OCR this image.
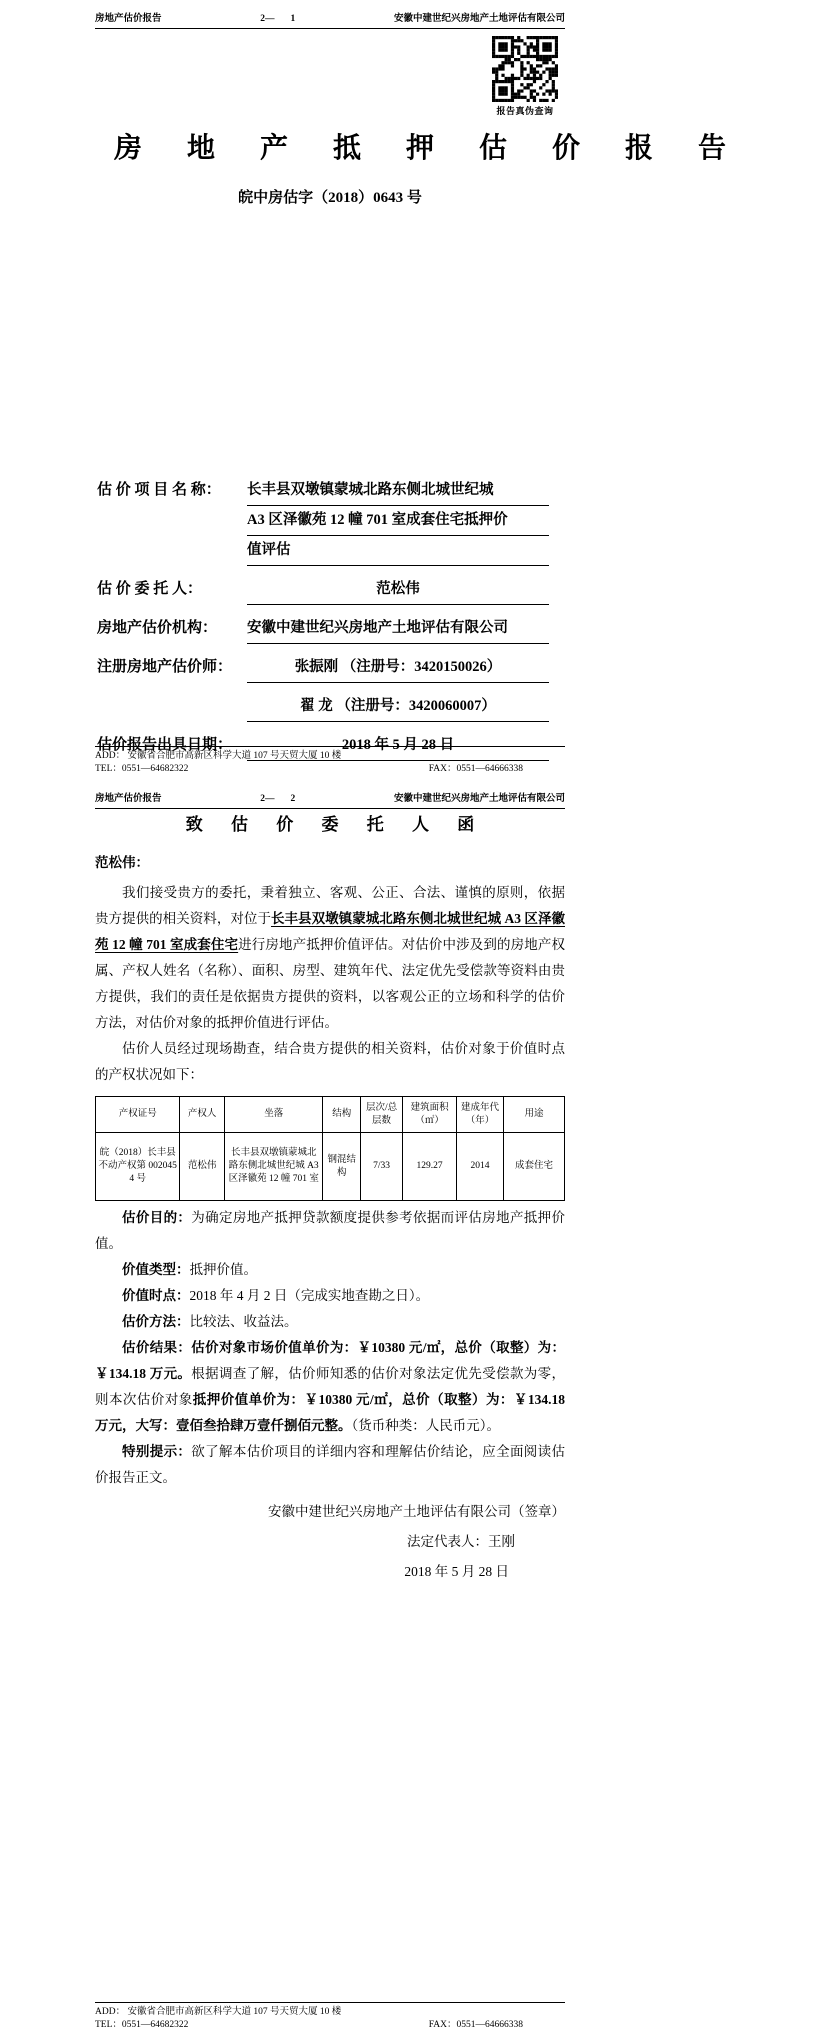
房地产估价报告	2— 1	安徽中建世纪兴房地产土地评估有限公司
报告真伪查询
房 地 产 抵 押 估 价 报 告
皖中房估字（2018）0643 号
估 价 项 目 名 称：	长丰县双墩镇蒙城北路东侧北城世纪城
A3 区泽徽苑 12 幢 701 室成套住宅抵押价
值评估
估 价 委 托 人：	范松伟
房地产估价机构：	安徽中建世纪兴房地产土地评估有限公司
注册房地产估价师：	张振刚 （注册号：3420150026）
翟 龙 （注册号：3420060007）
估价报告出具日期：	2018 年 5 月 28 日
ADD： 安徽省合肥市高新区科学大道 107 号天贸大厦 10 楼
TEL：0551—64682322	FAX：0551—64666338
房地产估价报告	2— 2	安徽中建世纪兴房地产土地评估有限公司
致 估 价 委 托 人 函
范松伟：

我们接受贵方的委托，秉着独立、客观、公正、合法、谨慎的原则，依据贵方提供的相关资料，对位于长丰县双墩镇蒙城北路东侧北城世纪城 A3 区泽徽苑 12 幢 701 室成套住宅进行房地产抵押价值评估。对估价中涉及到的房地产权属、产权人姓名（名称）、面积、房型、建筑年代、法定优先受偿款等资料由贵方提供，我们的责任是依据贵方提供的资料，以客观公正的立场和科学的估价方法，对估价对象的抵押价值进行评估。

估价人员经过现场勘查，结合贵方提供的相关资料，估价对象于价值时点的产权状况如下：

产权证号	产权人	坐落	结构	层次/总层数	建筑面积（㎡）	建成年代（年）	用途
皖（2018）长丰县不动产权第 0020454 号	范松伟	长丰县双墩镇蒙城北路东侧北城世纪城 A3 区泽徽苑 12 幢 701 室	钢混结构	7/33	129.27	2014	成套住宅

估价目的：为确定房地产抵押贷款额度提供参考依据而评估房地产抵押价值。

价值类型：抵押价值。

价值时点：2018 年 4 月 2 日（完成实地查勘之日）。

估价方法：比较法、收益法。

估价结果：估价对象市场价值单价为：￥10380 元/㎡，总价（取整）为：￥134.18 万元。根据调查了解，估价师知悉的估价对象法定优先受偿款为零，则本次估价对象抵押价值单价为：￥10380 元/㎡，总价（取整）为：￥134.18 万元，大写：壹佰叁拾肆万壹仟捌佰元整。（货币种类：人民币元）。

特别提示：欲了解本估价项目的详细内容和理解估价结论，应全面阅读估价报告正文。

安徽中建世纪兴房地产土地评估有限公司（签章）
法定代表人：王刚
2018 年 5 月 28 日
ADD： 安徽省合肥市高新区科学大道 107 号天贸大厦 10 楼
TEL：0551—64682322	FAX：0551—64666338
